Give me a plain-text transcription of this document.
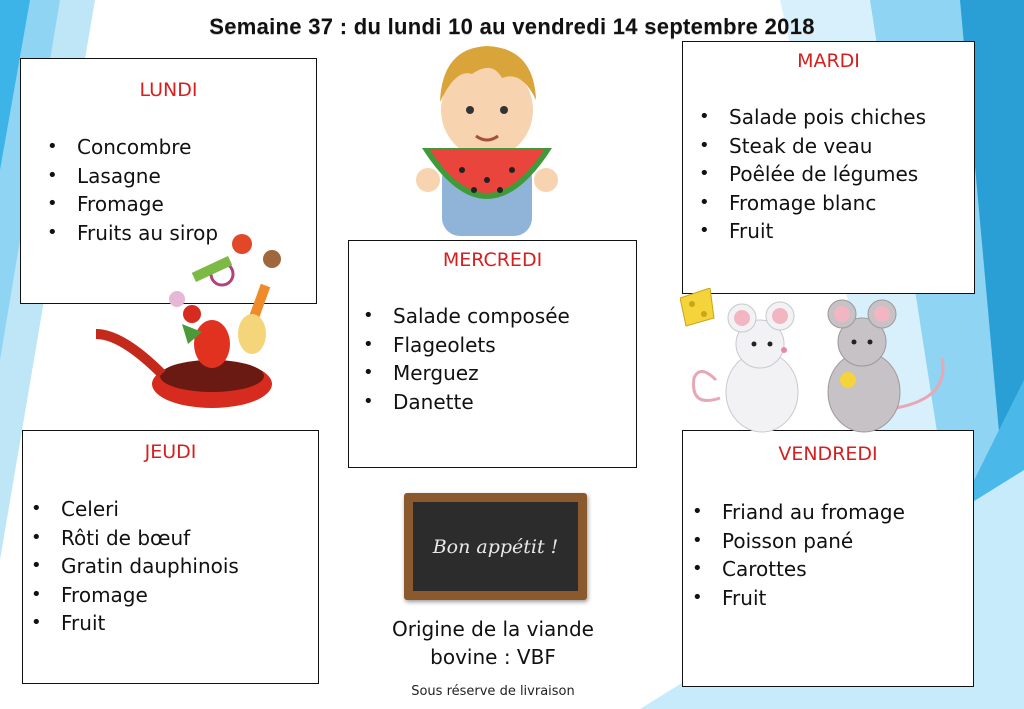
Semaine 37 : du lundi 10 au vendredi 14 septembre 2018
LUNDI
• Concombre
• Lasagne
• Fromage
• Fruits au sirop
MARDI
• Salade pois chiches
• Steak de veau
• Poêlée de légumes
• Fromage blanc
• Fruit
MERCREDI
• Salade composée
• Flageolets
• Merguez
• Danette
JEUDI
• Celeri
• Rôti de bœuf
• Gratin dauphinois
• Fromage
• Fruit
VENDREDI
• Friand au fromage
• Poisson pané
• Carottes
• Fruit
Bon appétit !
Origine de la viande
bovine : VBF
Sous réserve de livraison
